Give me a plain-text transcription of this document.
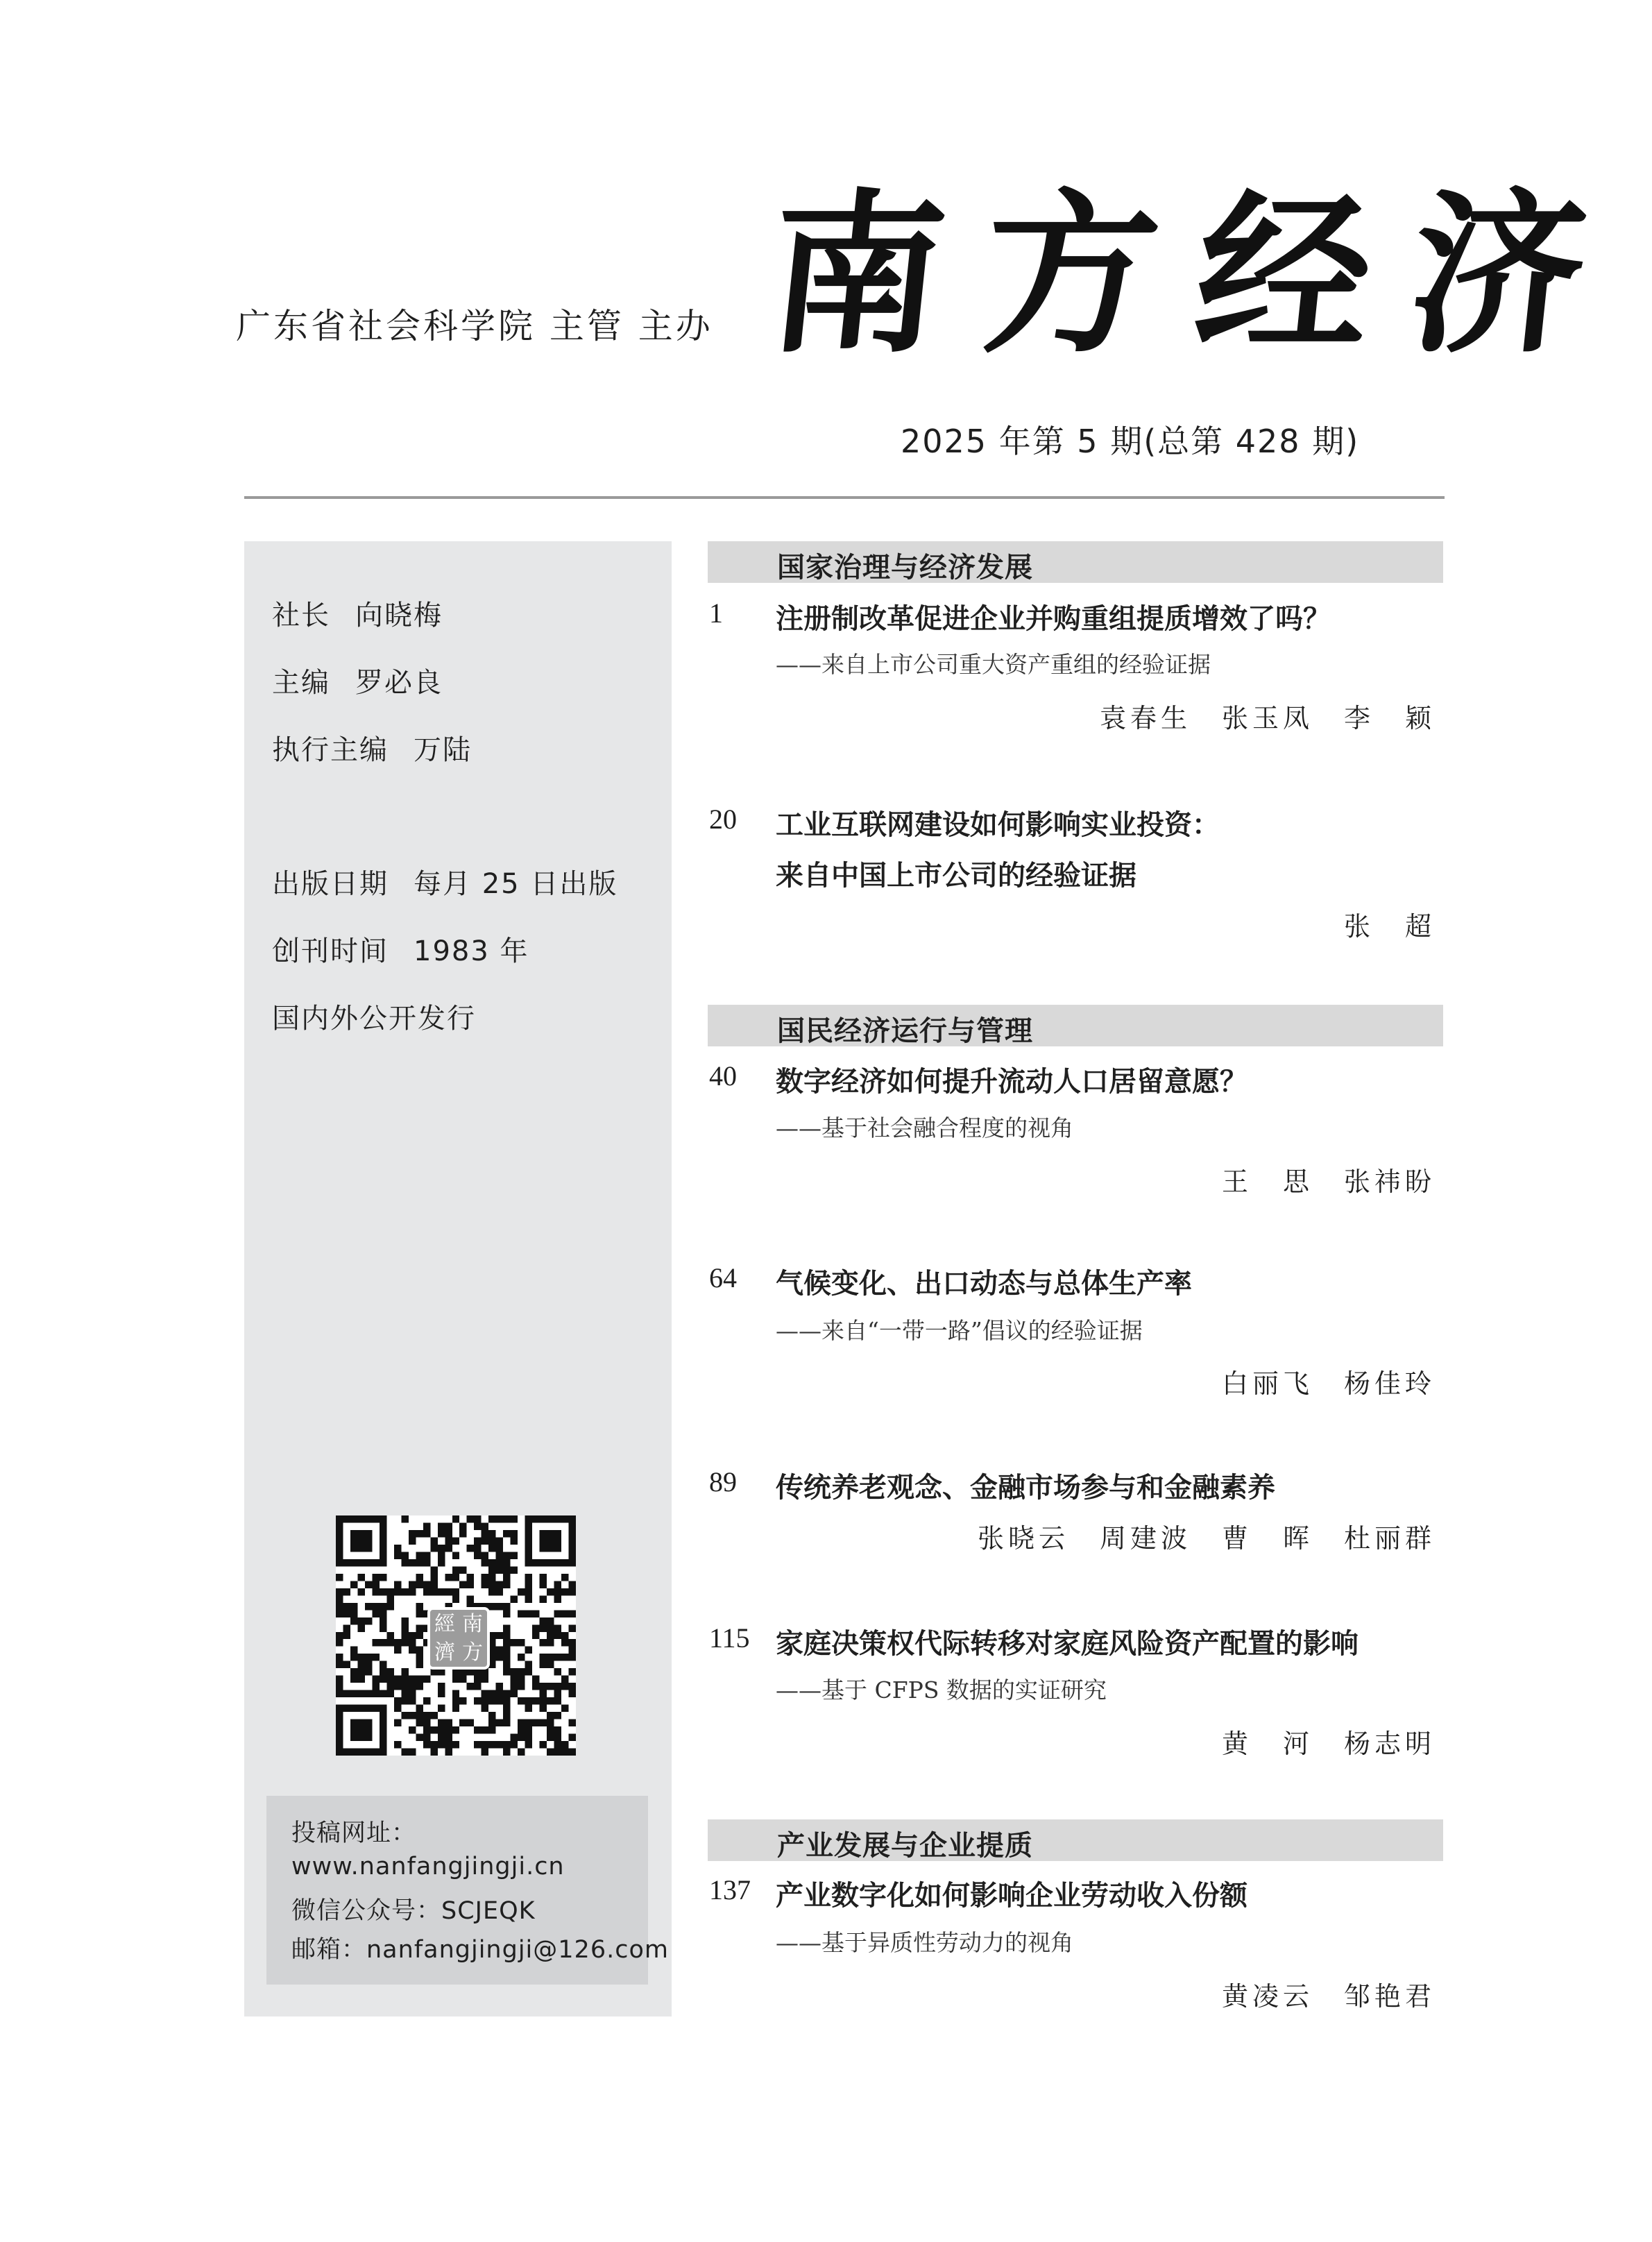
广东省社会科学院 主管 主办 南方经济
2025 年第 5 期(总第 428 期)
社长 向晓梅
主编 罗必良
执行主编 万陆
出版日期 每月 25 日出版
创刊时间 1983 年
国内外公开发行
經 南
濟 方
投稿网址：
www.nanfangjingji.cn
微信公众号：SCJEQK
邮箱：nanfangjingji@126.com
国家治理与经济发展
1 注册制改革促进企业并购重组提质增效了吗？
——来自上市公司重大资产重组的经验证据
袁春生　张玉凤　李　颖
20 工业互联网建设如何影响实业投资：
来自中国上市公司的经验证据
张　超
国民经济运行与管理
40 数字经济如何提升流动人口居留意愿？
——基于社会融合程度的视角
王　思　张祎盼
64 气候变化、出口动态与总体生产率
——来自“一带一路”倡议的经验证据
白丽飞　杨佳玲
89 传统养老观念、金融市场参与和金融素养
张晓云　周建波　曹　晖　杜丽群
115 家庭决策权代际转移对家庭风险资产配置的影响
——基于 CFPS 数据的实证研究
黄　河　杨志明
产业发展与企业提质
137 产业数字化如何影响企业劳动收入份额
——基于异质性劳动力的视角
黄凌云　邹艳君
